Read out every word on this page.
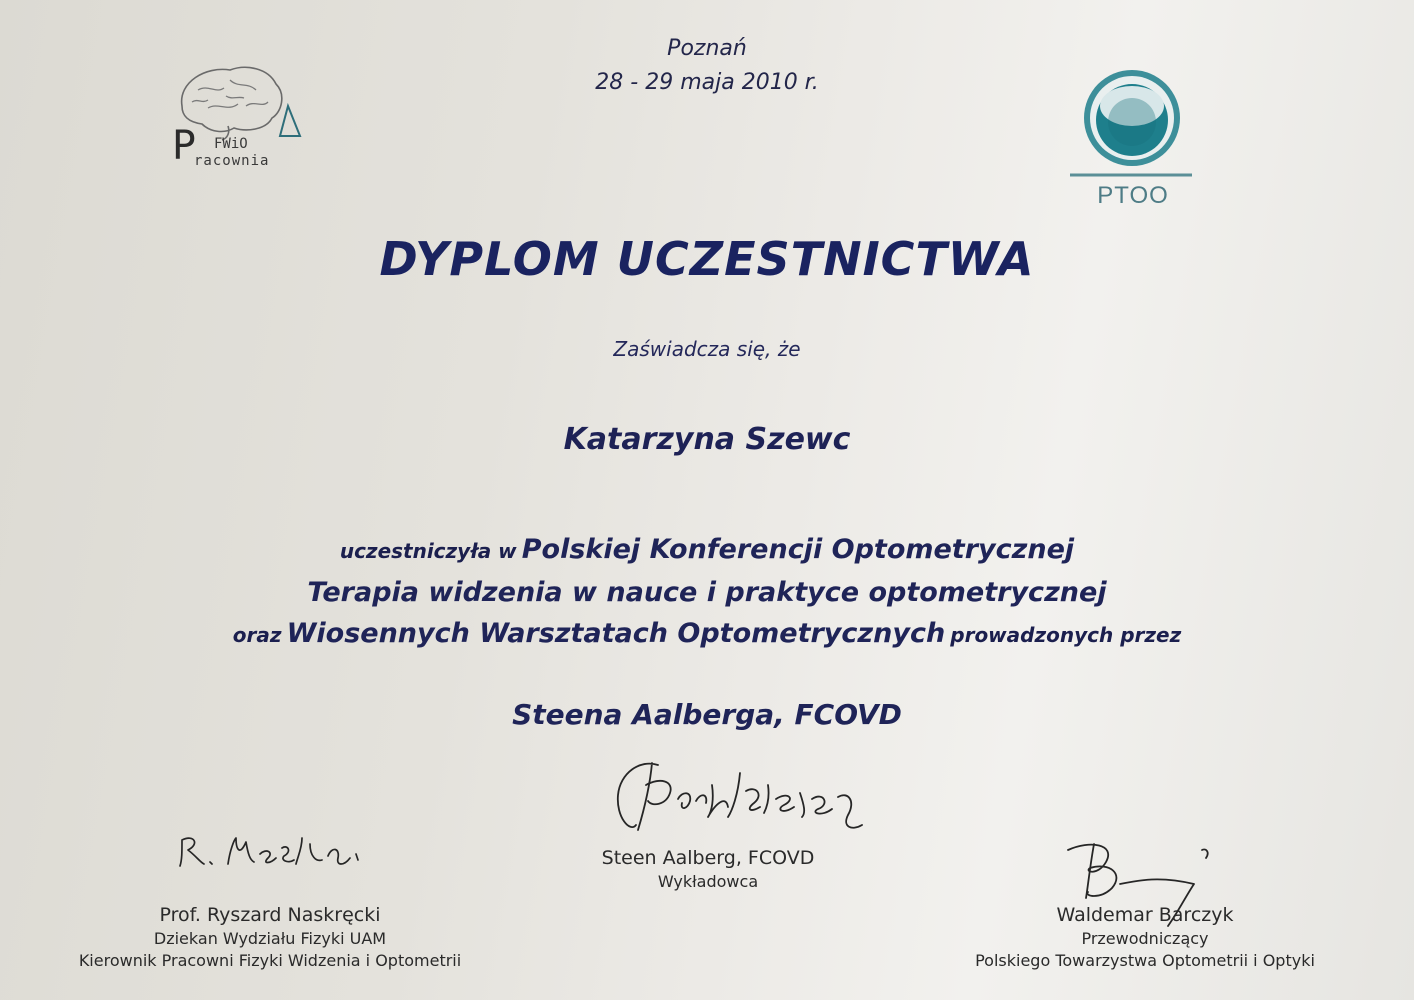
Poznań
28 - 29 maja 2010 r.
P FWiO
racownia
PTOO
DYPLOM UCZESTNICTWA
Zaświadcza się, że
Katarzyna Szewc
uczestniczyła w Polskiej Konferencji Optometrycznej
Terapia widzenia w nauce i praktyce optometrycznej
oraz Wiosennych Warsztatach Optometrycznych prowadzonych przez
Steena Aalberga, FCOVD
Steen Aalberg, FCOVD
Wykładowca
Prof. Ryszard Naskręcki
Dziekan Wydziału Fizyki UAM
Kierownik Pracowni Fizyki Widzenia i Optometrii
Waldemar Barczyk
Przewodniczący
Polskiego Towarzystwa Optometrii i Optyki
